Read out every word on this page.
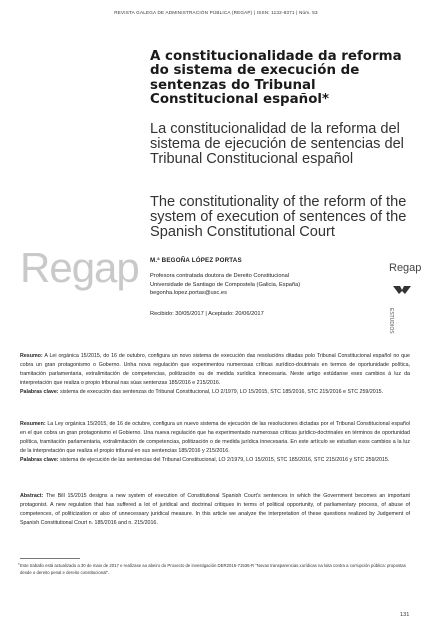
REVISTA GALEGA DE ADMINISTRACIÓN PÚBLICA (REGAP) | ISSN: 1132-8371 | Núm. 53
A constitucionalidade da reforma do sistema de execución de sentenzas do Tribunal Constitucional español*
La constitucionalidad de la reforma del sistema de ejecución de sentencias del Tribunal Constitucional español
The constitutionality of the reform of the system of execution of sentences of the Spanish Constitutional Court
Regap M.ª BEGOÑA LÓPEZ PORTAS
Profesora contratada doutora de Dereito Constitucional
Universidade de Santiago de Compostela (Galicia, España)
begonha.lopez.portas@usc.es
Recibido: 30/05/2017 | Aceptado: 20/06/2017
Regap
ESTUDIOS
Resumo: A Lei orgánica 15/2015, do 16 de outubro, configura un novo sistema de execución das resolucións ditadas polo Tribunal Constitucional español no que cobra un gran protagonismo o Goberno. Unha nova regulación que experimentou numerosas críticas xurídico-doutrinais en termos de oportunidade política, tramitación parlamentaria, extralimitación de competencias, politización ou de medida xurídica innecesaria. Neste artigo estúdanse eses cambios á luz da interpretación que realiza o propio tribunal nas súas sentenzas 185/2016 e 215/2016.
Palabras clave: sistema de execución das sentenzas do Tribunal Constitucional, LO 2/1979, LO 15/2015, STC 185/2016, STC 215/2016 e STC 259/2015.
Resumen: La Ley orgánica 15/2015, de 16 de octubre, configura un nuevo sistema de ejecución de las resoluciones dictadas por el Tribunal Constitucional español en el que cobra un gran protagonismo el Gobierno. Una nueva regulación que ha experimentado numerosas críticas jurídico-doctrinales en términos de oportunidad política, tramitación parlamentaria, extralimitación de competencias, politización o de medida jurídica innecesaria. En este artículo se estudian esos cambios a la luz de la interpretación que realiza el propio tribunal en sus sentencias 185/2016 y 215/2016.
Palabras clave: sistema de ejecución de las sentencias del Tribunal Constitucional, LO 2/1979, LO 15/2015, STC 185/2016, STC 215/2016 y STC 259/2015.
Abstract: The Bill 15/2015 designs a new system of execution of Constitutional Spanish Court's sentences in which the Government becomes an important protagonist. A new regulation that has suffered a lot of juridical and doctrinal critiques in terms of political opportunity, of parliamentary process, of abuse of competences, of politicization or also of unnecessary juridical measure. In this article we analyze the interpretation of these questions realized by Judgement of Spanish Constitutional Court n. 185/2016 and n. 215/2016.
* Este traballo está actualizado a 30 de maio de 2017 e realízase ao abeiro do Proxecto de investigación DER2015-71536-R "Novas transparencias xurídicas na loita contra a corrupción pública: propostas desde o dereito penal e dereito constitucional".
131
